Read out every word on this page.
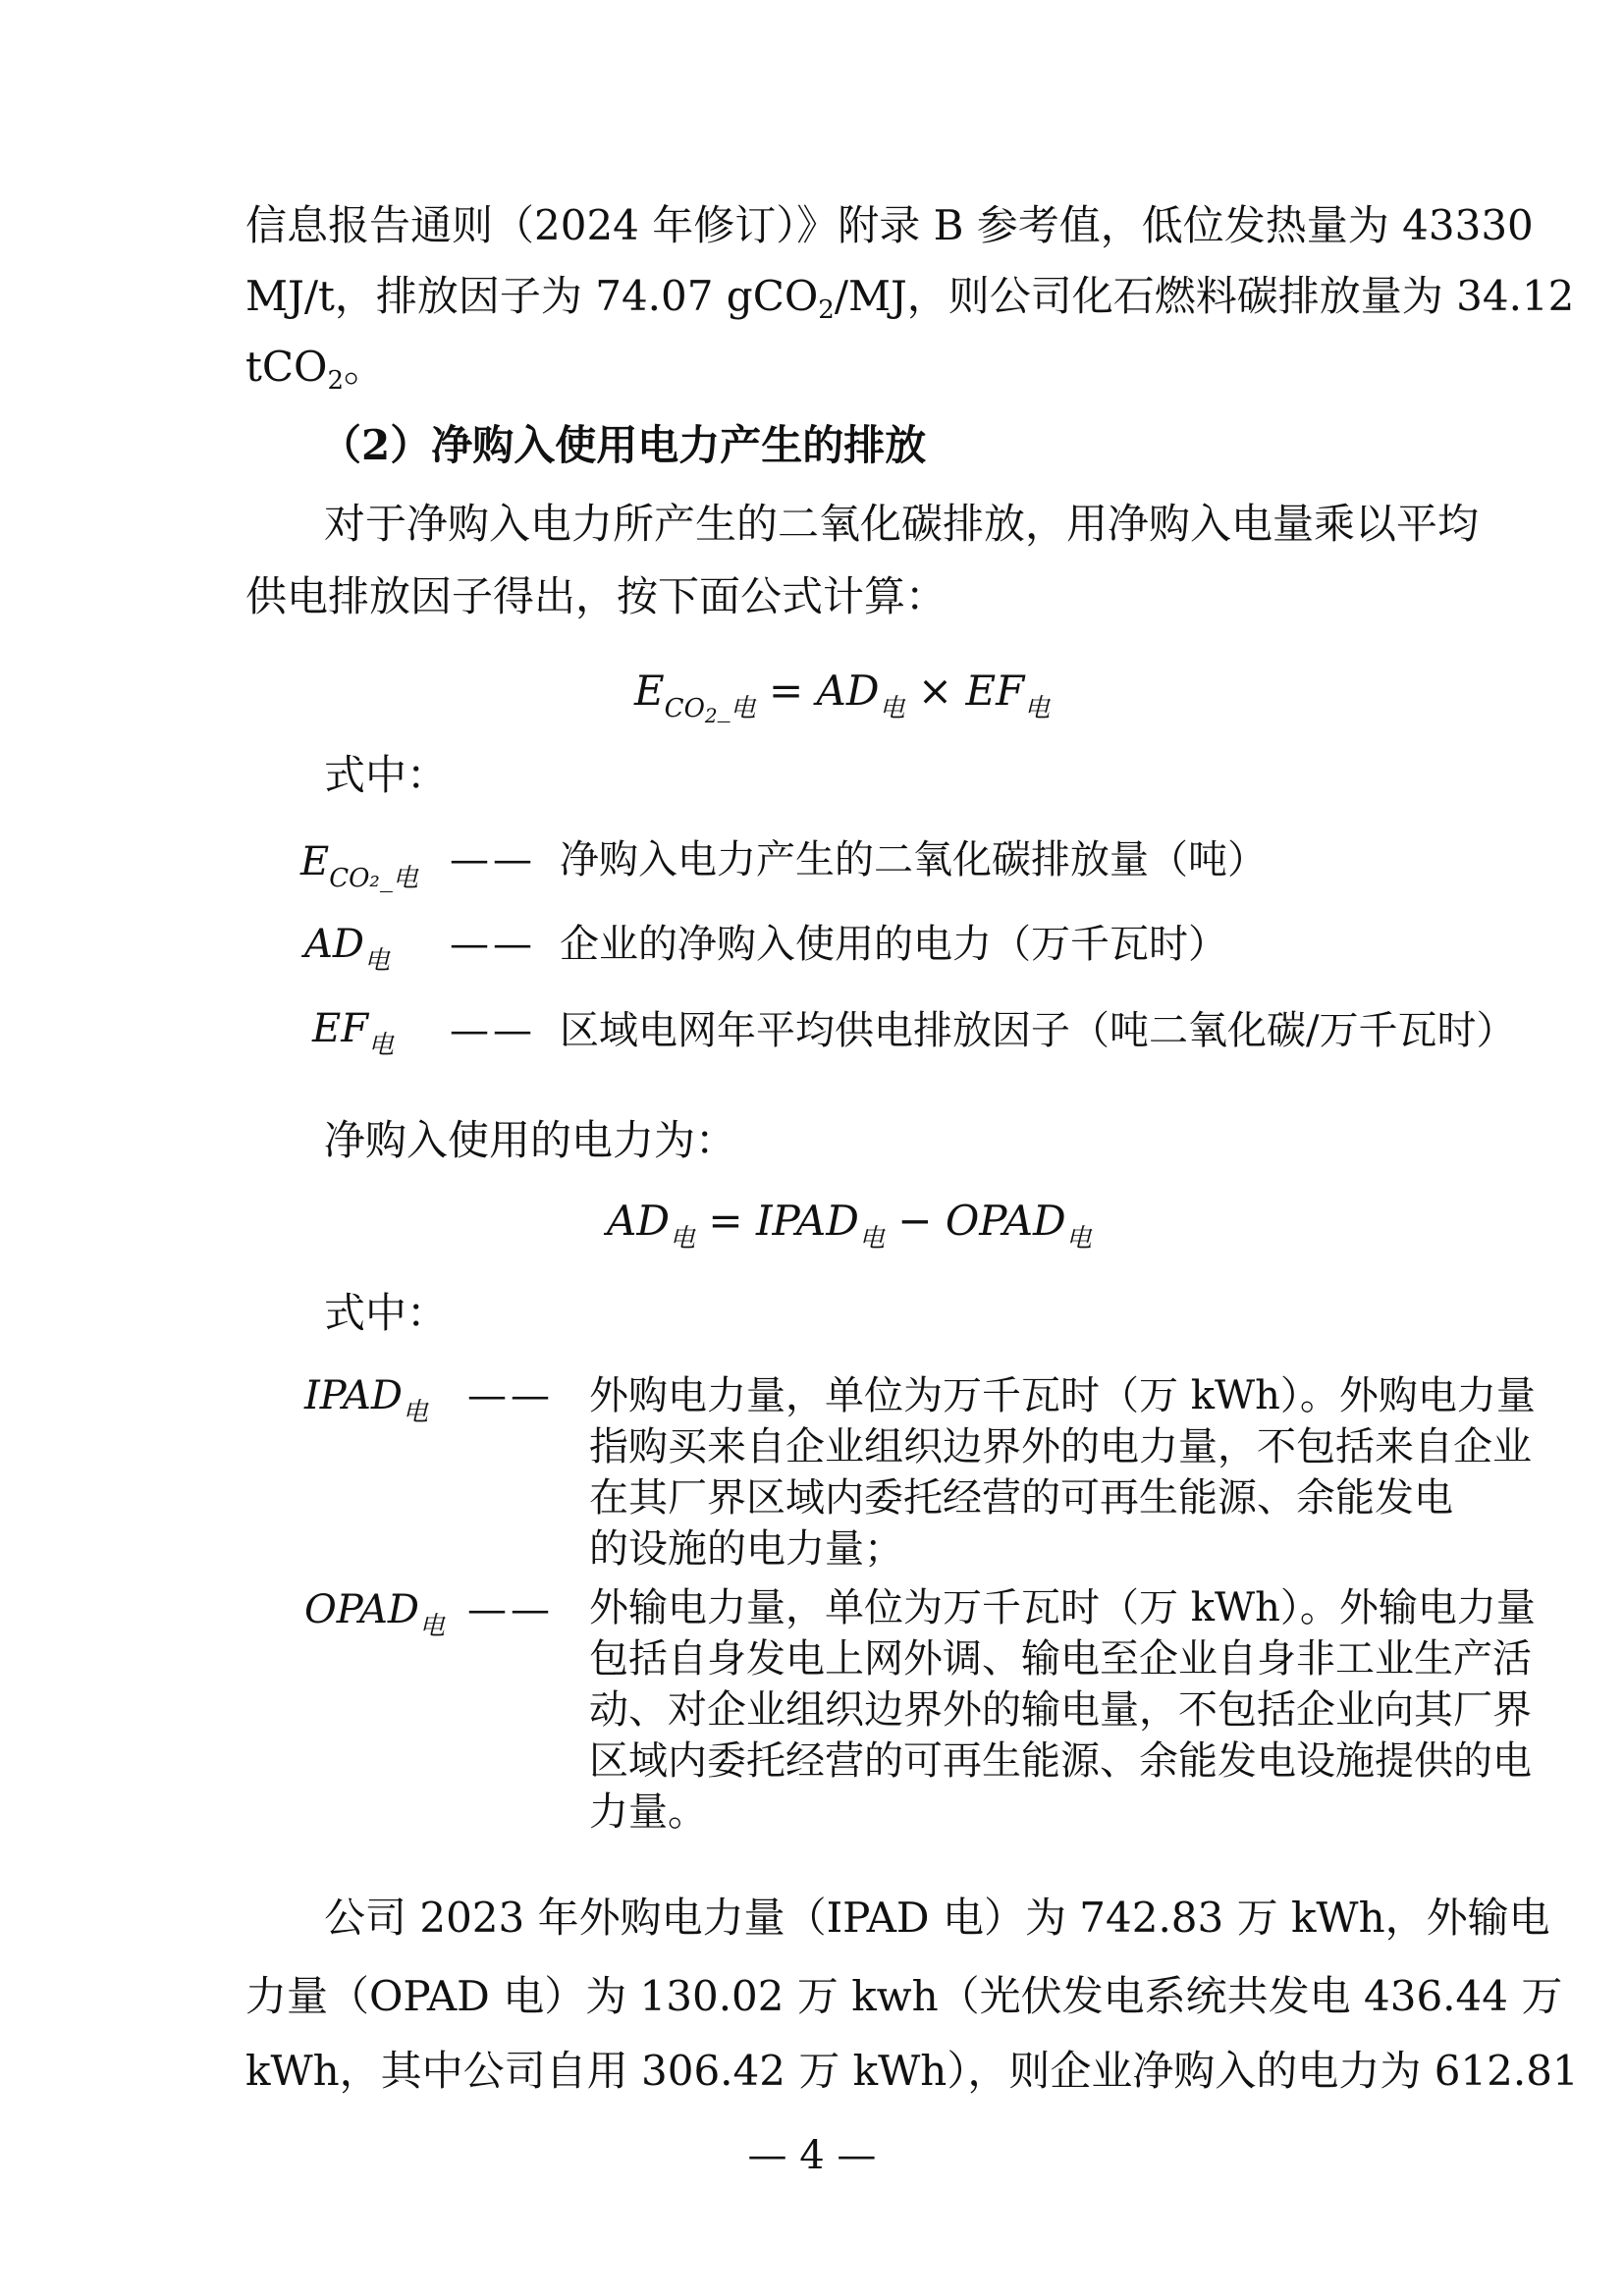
信息报告通则（2024 年修订）》附录 B 参考值，低位发热量为 43330
MJ/t，排放因子为 74.07 gCO$_2$/MJ，则公司化石燃料碳排放量为 34.12
tCO$_2$。
（2）净购入使用电力产生的排放
对于净购入电力所产生的二氧化碳排放，用净购入电量乘以平均
供电排放因子得出，按下面公式计算：
$E_{CO_2\_电} = AD_电 \times EF_电$
式中：
$E_{CO_2\_电}$ —— 净购入电力产生的二氧化碳排放量（吨）
$AD_电$ —— 企业的净购入使用的电力（万千瓦时）
$EF_电$ —— 区域电网年平均供电排放因子（吨二氧化碳/万千瓦时）
净购入使用的电力为：
$AD_电$ = $IPAD_电$ − $OPAD_电$
式中：
$IPAD_电$ —— 外购电力量，单位为万千瓦时（万 kWh）。外购电力量
指购买来自企业组织边界外的电力量，不包括来自企业
在其厂界区域内委托经营的可再生能源、余能发电
的设施的电力量；
$OPAD_电$ —— 外输电力量，单位为万千瓦时（万 kWh）。外输电力量
包括自身发电上网外调、输电至企业自身非工业生产活
动、对企业组织边界外的输电量，不包括企业向其厂界
区域内委托经营的可再生能源、余能发电设施提供的电
力量。
公司 2023 年外购电力量（IPAD 电）为 742.83 万 kWh，外输电
力量（OPAD 电）为 130.02 万 kwh（光伏发电系统共发电 436.44 万
kWh，其中公司自用 306.42 万 kWh），则企业净购入的电力为 612.81
— 4 —
